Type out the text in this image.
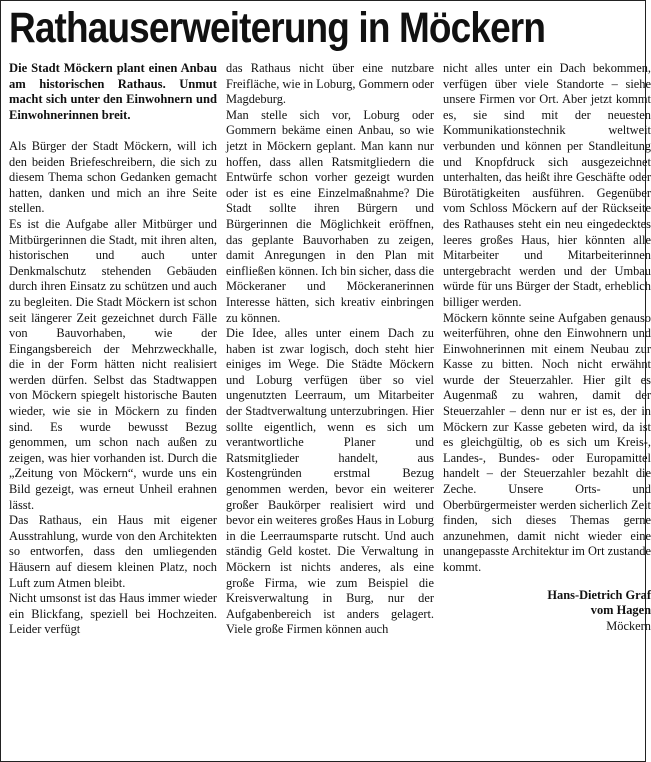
Rathauserweiterung in Möckern

Die Stadt Möckern plant einen Anbau am historischen Rathaus. Unmut macht sich unter den Einwohnern und Einwohnerinnen breit.

Als Bürger der Stadt Möckern, will ich den beiden Briefeschreibern, die sich zu diesem Thema schon Gedanken gemacht hatten, danken und mich an ihre Seite stellen.

Es ist die Aufgabe aller Mitbürger und Mitbürgerinnen die Stadt, mit ihren alten, historischen und auch unter Denkmalschutz stehenden Gebäuden durch ihren Einsatz zu schützen und auch zu begleiten. Die Stadt Möckern ist schon seit längerer Zeit gezeichnet durch Fälle von Bauvorhaben, wie der Eingangsbereich der Mehrzweckhalle, die in der Form hätten nicht realisiert werden dürfen. Selbst das Stadtwappen von Möckern spiegelt historische Bauten wieder, wie sie in Möckern zu finden sind. Es wurde bewusst Bezug genommen, um schon nach außen zu zeigen, was hier vorhanden ist. Durch die „Zeitung von Möckern“, wurde uns ein Bild gezeigt, was erneut Unheil erahnen lässt.

Das Rathaus, ein Haus mit eigener Ausstrahlung, wurde von den Architekten so entworfen, dass den umliegenden Häusern auf diesem kleinen Platz, noch Luft zum Atmen bleibt.

Nicht umsonst ist das Haus immer wieder ein Blickfang, speziell bei Hochzeiten. Leider verfügt

das Rathaus nicht über eine nutzbare Freifläche, wie in Loburg, Gommern oder Magdeburg.

Man stelle sich vor, Loburg oder Gommern bekäme einen Anbau, so wie jetzt in Möckern geplant. Man kann nur hoffen, dass allen Ratsmitgliedern die Entwürfe schon vorher gezeigt wurden oder ist es eine Einzelmaßnahme? Die Stadt sollte ihren Bürgern und Bürgerinnen die Möglichkeit eröffnen, das geplante Bauvorhaben zu zeigen, damit Anregungen in den Plan mit einfließen können. Ich bin sicher, dass die Möckeraner und Möckeranerinnen Interesse hätten, sich kreativ einbringen zu können.

Die Idee, alles unter einem Dach zu haben ist zwar logisch, doch steht hier einiges im Wege. Die Städte Möckern und Loburg verfügen über so viel ungenutzten Leerraum, um Mitarbeiter der Stadtverwaltung unterzubringen. Hier sollte eigentlich, wenn es sich um verantwortliche Planer und Ratsmitglieder handelt, aus Kostengründen erstmal Bezug genommen werden, bevor ein weiterer großer Baukörper realisiert wird und bevor ein weiteres großes Haus in Loburg in die Leerraumsparte rutscht. Und auch ständig Geld kostet. Die Verwaltung in Möckern ist nichts anderes, als eine große Firma, wie zum Beispiel die Kreisverwaltung in Burg, nur der Aufgabenbereich ist anders gelagert. Viele große Firmen können auch

nicht alles unter ein Dach bekommen, verfügen über viele Standorte – siehe unsere Firmen vor Ort. Aber jetzt kommt es, sie sind mit der neuesten Kommunikationstechnik weltweit verbunden und können per Standleitung und Knopfdruck sich ausgezeichnet unterhalten, das heißt ihre Geschäfte oder Bürotätigkeiten ausführen. Gegenüber vom Schloss Möckern auf der Rückseite des Rathauses steht ein neu eingedecktes leeres großes Haus, hier könnten alle Mitarbeiter und Mitarbeiterinnen untergebracht werden und der Umbau würde für uns Bürger der Stadt, erheblich billiger werden.

Möckern könnte seine Aufgaben genauso weiterführen, ohne den Einwohnern und Einwohnerinnen mit einem Neubau zur Kasse zu bitten. Noch nicht erwähnt wurde der Steuerzahler. Hier gilt es Augenmaß zu wahren, damit der Steuerzahler – denn nur er ist es, der in Möckern zur Kasse gebeten wird, da ist es gleichgültig, ob es sich um Kreis-, Landes-, Bundes- oder Europamittel handelt – der Steuerzahler bezahlt die Zeche. Unsere Orts- und Oberbürgermeister werden sicherlich Zeit finden, sich dieses Themas gerne anzunehmen, damit nicht wieder eine unangepasste Architektur im Ort zustande kommt.

Hans-Dietrich Graf
vom Hagen
Möckern
